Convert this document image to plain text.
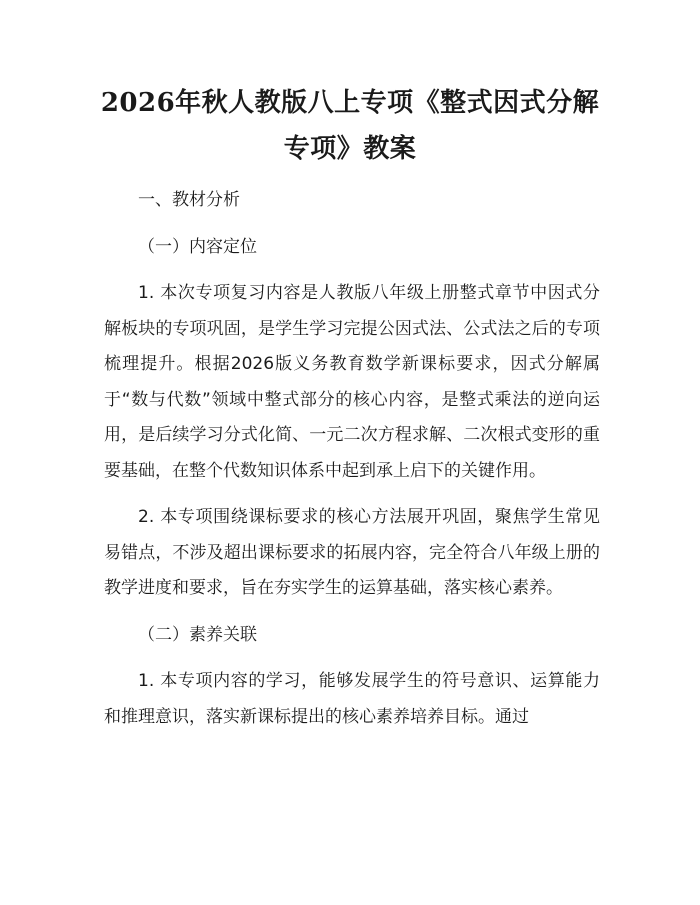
2026年秋人教版八上专项《整式因式分解专项》教案

一、教材分析

（一）内容定位

1. 本次专项复习内容是人教版八年级上册整式章节中因式分解板块的专项巩固，是学生学习完提公因式法、公式法之后的专项梳理提升。根据2026版义务教育数学新课标要求，因式分解属于“数与代数”领域中整式部分的核心内容，是整式乘法的逆向运用，是后续学习分式化简、一元二次方程求解、二次根式变形的重要基础，在整个代数知识体系中起到承上启下的关键作用。

2. 本专项围绕课标要求的核心方法展开巩固，聚焦学生常见易错点，不涉及超出课标要求的拓展内容，完全符合八年级上册的教学进度和要求，旨在夯实学生的运算基础，落实核心素养。

（二）素养关联

1. 本专项内容的学习，能够发展学生的符号意识、运算能力和推理意识，落实新课标提出的核心素养培养目标。通过
